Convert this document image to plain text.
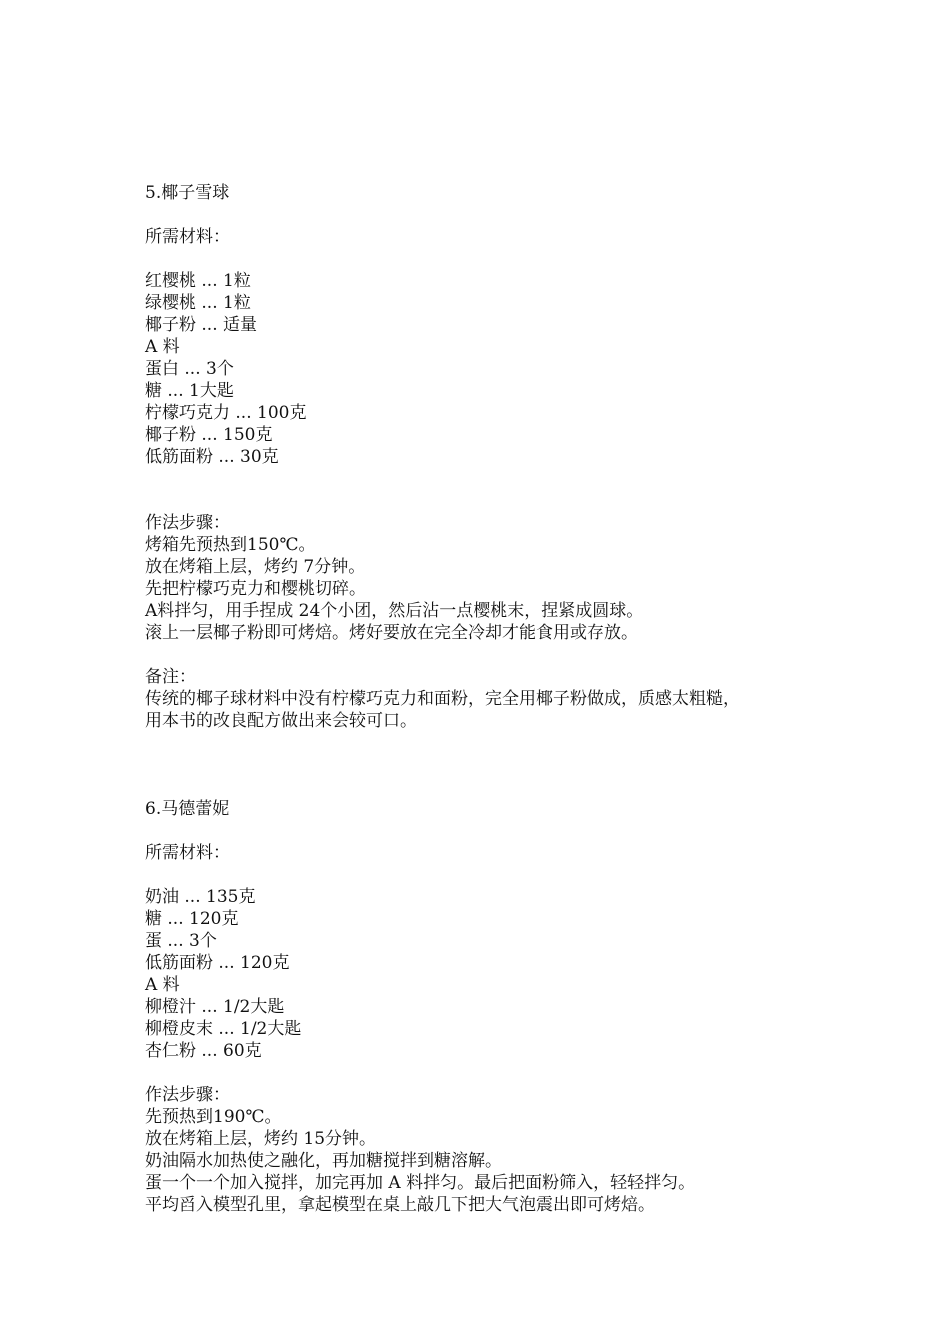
5.椰子雪球
所需材料：
红樱桃 ... 1粒
绿樱桃 ... 1粒
椰子粉 ... 适量
A 料
蛋白 ... 3个
糖 ... 1大匙
柠檬巧克力 ... 100克
椰子粉 ... 150克
低筋面粉 ... 30克
作法步骤：
烤箱先预热到150℃。
放在烤箱上层，烤约 7分钟。
先把柠檬巧克力和樱桃切碎。
A料拌匀，用手捏成 24个小团，然后沾一点樱桃末，捏紧成圆球。
滚上一层椰子粉即可烤焙。烤好要放在完全冷却才能食用或存放。
备注：
传统的椰子球材料中没有柠檬巧克力和面粉，完全用椰子粉做成，质感太粗糙，
用本书的改良配方做出来会较可口。
6.马德蕾妮
所需材料：
奶油 ... 135克
糖 ... 120克
蛋 ... 3个
低筋面粉 ... 120克
A 料
柳橙汁 ... 1/2大匙
柳橙皮末 ... 1/2大匙
杏仁粉 ... 60克
作法步骤：
先预热到190℃。
放在烤箱上层，烤约 15分钟。
奶油隔水加热使之融化，再加糖搅拌到糖溶解。
蛋一个一个加入搅拌，加完再加 A 料拌匀。最后把面粉筛入，轻轻拌匀。
平均舀入模型孔里，拿起模型在桌上敲几下把大气泡震出即可烤焙。
